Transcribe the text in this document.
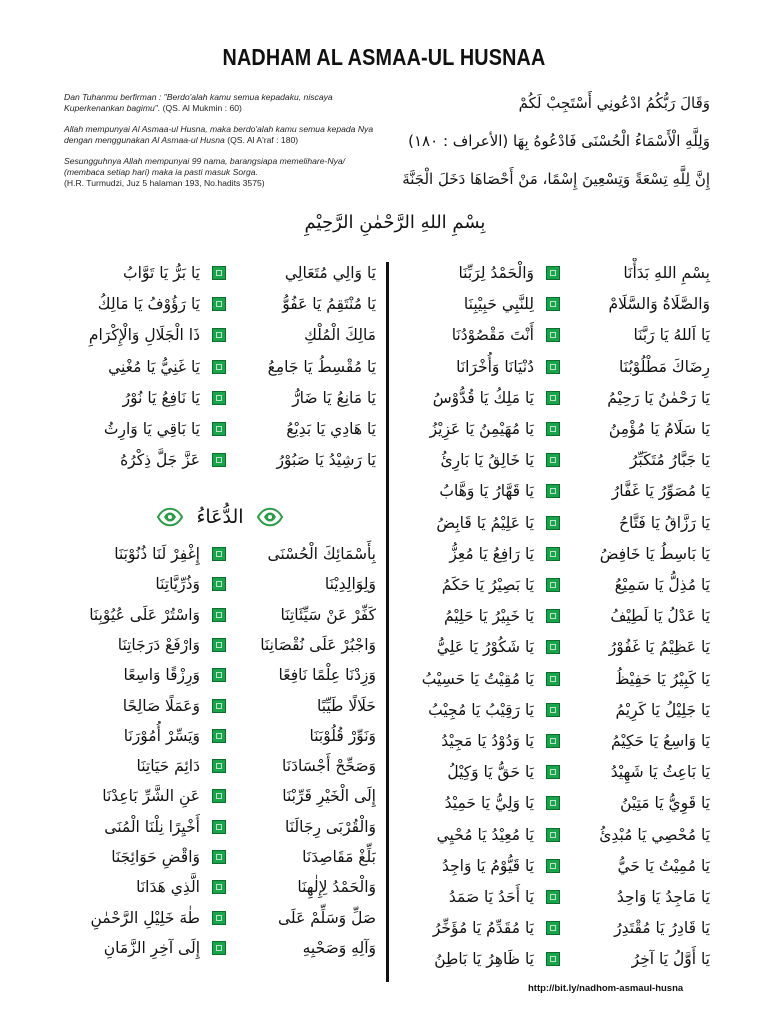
NADHAM AL ASMAA-UL HUSNAA
Dan Tuhanmu berfirman : "Berdo'alah kamu semua kepadaku, niscaya
Kuperkenankan bagimu". (QS. Al Mukmin : 60)
Allah mempunyai Al Asmaa-ul Husna, maka berdo'alah kamu semua kepada Nya
dengan menggunakan Al Asmaa-ul Husna (QS. Al A'raf : 180)
Sesungguhnya Allah mempunyai 99 nama, barangsiapa memelihare-Nya/
(membaca setiap hari) maka ia pasti masuk Sorga.
(H.R. Turmudzi, Juz 5 halaman 193, No.hadits 3575)
وَقَالَ رَبُّكُمُ ادْعُونِي أَسْتَجِبْ لَكُمْ
وَلِلَّهِ الْأَسْمَاءُ الْحُسْنَى فَادْعُوهُ بِهَا (الأعراف : ١٨٠)
إِنَّ لِلَّهِ تِسْعَةً وَتِسْعِينَ إِسْمًا، مَنْ أَحْصَاهَا دَخَلَ الْجَنَّةَ
بِسْمِ اللهِ الرَّحْمٰنِ الرَّحِيْمِ
وَالْحَمْدُ لِرَبِّنَا	بِسْمِ اللهِ بَدَأْنَا
لِلنَّبِي حَبِيْبِنَا	وَالصَّلَاةُ وَالسَّلَامْ
أَنْتَ مَقْصُوْدُنَا	يَا اَللهُ يَا رَبَّنَا
دُنْيَانَا وَأُخْرَانَا	رِضَاكَ مَطْلُوْبُنَا
يَا مَلِكُ يَا قُدُّوْسُ	يَا رَحْمٰنُ يَا رَحِيْمُ
يَا مُهَيْمِنُ يَا عَزِيْزُ	يَا سَلَامُ يَا مُؤْمِنُ
يَا خَالِقُ يَا بَارِئُ	يَا جَبَّارُ مُتَكَبِّرُ
يَا قَهَّارُ يَا وَهَّابُ	يَا مُصَوِّرُ يَا غَفَّارُ
يَا عَلِيْمُ يَا قَابِضُ	يَا رَزَّاقُ يَا فَتَّاحُ
يَا رَافِعُ يَا مُعِزُّ	يَا بَاسِطُ يَا خَافِضُ
يَا بَصِيْرُ يَا حَكَمُ	يَا مُذِلُّ يَا سَمِيْعُ
يَا خَبِيْرُ يَا حَلِيْمُ	يَا عَدْلُ يَا لَطِيْفُ
يَا شَكُوْرُ يَا عَلِيُّ	يَا عَظِيْمُ يَا غَفُوْرُ
يَا مُقِيْتُ يَا حَسِيْبُ	يَا كَبِيْرُ يَا حَفِيْظُ
يَا رَقِيْبُ يَا مُجِيْبُ	يَا جَلِيْلُ يَا كَرِيْمُ
يَا وَدُوْدُ يَا مَجِيْدُ	يَا وَاسِعُ يَا حَكِيْمُ
يَا حَقُّ يَا وَكِيْلُ	يَا بَاعِثُ يَا شَهِيْدُ
يَا وَلِيُّ يَا حَمِيْدُ	يَا قَوِيُّ يَا مَتِيْنُ
يَا مُعِيْدُ يَا مُحْيِي	يَا مُحْصِي يَا مُبْدِئُ
يَا قَيُّوْمُ يَا وَاجِدُ	يَا مُمِيْتُ يَا حَيُّ
يَا أَحَدُ يَا صَمَدُ	يَا مَاجِدُ يَا وَاحِدُ
يَا مُقَدِّمُ يَا مُؤَخِّرُ	يَا قَادِرُ يَا مُقْتَدِرُ
يَا ظَاهِرُ يَا بَاطِنُ	يَا أَوَّلُ يَا آخِرُ
يَا بَرُّ يَا تَوَّابُ	يَا وَالِي مُتَعَالِي
يَا رَؤُوْفُ يَا مَالِكُ	يَا مُنْتَقِمُ يَا عَفُوُّ
ذَا الْجَلَالِ وَالْإِكْرَامِ	مَالِكَ الْمُلْكِ
يَا غَنِيُّ يَا مُغْنِي	يَا مُقْسِطُ يَا جَامِعُ
يَا نَافِعُ يَا نُوْرُ	يَا مَانِعُ يَا ضَارُّ
يَا بَاقِي يَا وَارِثُ	يَا هَادِي يَا بَدِيْعُ
عَزَّ جَلَّ ذِكْرُهُ	يَا رَشِيْدُ يَا صَبُوْرُ
الدُّعَاءُ
إِغْفِرْ لَنَا ذُنُوْبَنَا	بِأَسْمَائِكَ الْحُسْنَى
وَذُرِّيَّاتِنَا	وَلِوَالِدِيْنَا
وَاسْتُرْ عَلَى عُيُوْبِنَا	كَفِّرْ عَنْ سَيِّئَاتِنَا
وَارْفَعْ دَرَجَاتِنَا	وَاجْبُرْ عَلَى نُقْصَانِنَا
وَرِزْقًا وَاسِعًا	وَزِدْنَا عِلْمًا نَافِعًا
وَعَمَلًا صَالِحًا	حَلَالًا طَيِّبًا
وَيَسِّرْ أُمُوْرَنَا	وَنَوِّرْ قُلُوْبَنَا
دَائِمَ حَيَاتِنَا	وَصَحِّحْ أَجْسَادَنَا
عَنِ الشَّرِّ بَاعِدْنَا	إِلَى الْخَيْرِ قَرِّبْنَا
أَخْيِرًا نِلْنَا الْمُنَى	وَالْقُرْبَى رِجَالَنَا
وَاقْضِ حَوَائِجَنَا	بَلِّغْ مَقَاصِدَنَا
الَّذِي هَدَانَا	وَالْحَمْدُ لِإِلٰهِنَا
طٰهَ خَلِيْلِ الرَّحْمٰنِ	صَلِّ وَسَلِّمْ عَلَى
إِلَى آخِرِ الزَّمَانِ	وَآلِهِ وَصَحْبِهِ
http://bit.ly/nadhom-asmaul-husna
